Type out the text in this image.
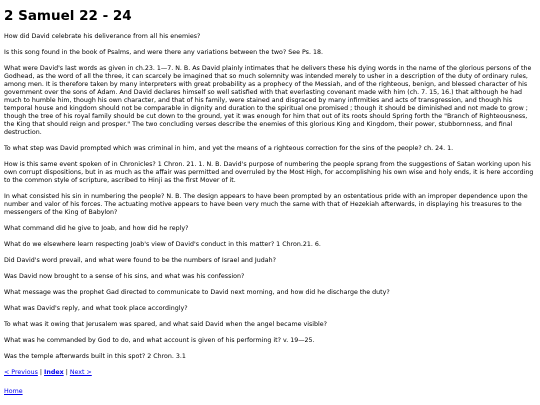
2 Samuel 22 - 24

How did David celebrate his deliverance from all his enemies?

Is this song found in the book of Psalms, and were there any variations between the two? See Ps. 18.

What were David's last words as given in ch.23. 1—7. N. B. As David plainly intimates that he delivers these his dying words in the name of the glorious persons of the Godhead, as the word of all the three, it can scarcely be imagined that so much solemnity was intended merely to usher in a description of the duty of ordinary rules, among men. It is therefore taken by many interpreters with great probability as a prophecy of the Messiah, and of the righteous, benign, and blessed character of his government over the sons of Adam. And David declares himself so well satisfied with that everlasting covenant made with him (ch. 7. 15, 16.) that although he had much to humble him, though his own character, and that of his family, were stained and disgraced by many infirmities and acts of transgression, and though his temporal house and kingdom should not be comparable in dignity and duration to the spiritual one promised ; though it should be diminished and not made to grow ; though the tree of his royal family should be cut down to the ground, yet it was enough for him that out of its roots should Spring forth the "Branch of Righteousness, the King that should reign and prosper." The two concluding verses describe the enemies of this glorious King and Kingdom, their power, stubbornness, and final destruction.

To what step was David prompted which was criminal in him, and yet the means of a righteous correction for the sins of the people? ch. 24. 1.

How is this same event spoken of in Chronicles? 1 Chron. 21. 1. N. B. David's purpose of numbering the people sprang from the suggestions of Satan working upon his own corrupt dispositions, but in as much as the affair was permitted and overruled by the Most High, for accomplishing his own wise and holy ends, it is here according to the common style of scripture, ascribed to Hinji as the first Mover of it.

In what consisted his sin in numbering the people? N. B. The design appears to have been prompted by an ostentatious pride with an improper dependence upon the number and valor of his forces. The actuating motive appears to have been very much the same with that of Hezekiah afterwards, in displaying his treasures to the messengers of the King of Babylon?

What command did he give to Joab, and how did he reply?

What do we elsewhere learn respecting Joab's view of David's conduct in this matter? 1 Chron.21. 6.

Did David's word prevail, and what were found to be the numbers of Israel and Judah?

Was David now brought to a sense of his sins, and what was his confession?

What message was the prophet Gad directed to communicate to David next morning, and how did he discharge the duty?

What was David's reply, and what took place accordingly?

To what was it owing that Jerusalem was spared, and what said David when the angel became visible?

What was he commanded by God to do, and what account is given of his performing it? v. 19—25.

Was the temple afterwards built in this spot? 2 Chron. 3.1

< Previous | Index | Next >
Home
